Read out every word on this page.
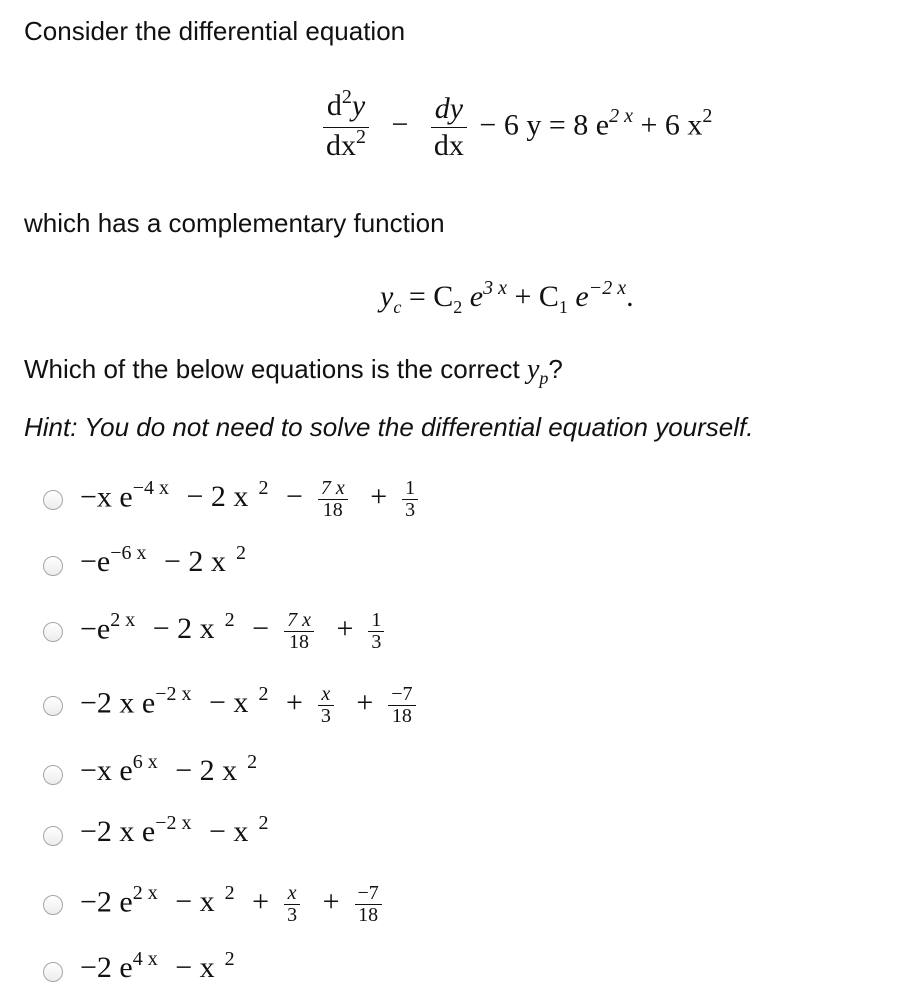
Consider the differential equation
$\frac{d^2y}{dx^2} - \frac{dy}{dx} - 6$ y = 8 $e^{2 x} + 6$ $x^2$
which has a complementary function
$y_c = C_2$ $e^{3 x} + C_1$ $e^{-2 x}$.
Which of the below equations is the correct $y_p$?
Hint: You do not need to solve the differential equation yourself.
−x $e^{-4 x} - 2$ x $^2 - \frac{7 x}{18} + \frac{1}{3}$
$-e^{-6 x} - 2$ x $^2$
$-e^{2 x} - 2$ x $^2 - \frac{7 x}{18} + \frac{1}{3}$
−2 x $e^{-2 x} - x$ $^2 + \frac{x}{3} + \frac{-7}{18}$
−x $e^{6 x} - 2$ x $^2$
−2 x $e^{-2 x} - x$ $^2$
−2 $e^{2 x} - x$ $^2 + \frac{x}{3} + \frac{-7}{18}$
−2 $e^{4 x} - x$ $^2$
